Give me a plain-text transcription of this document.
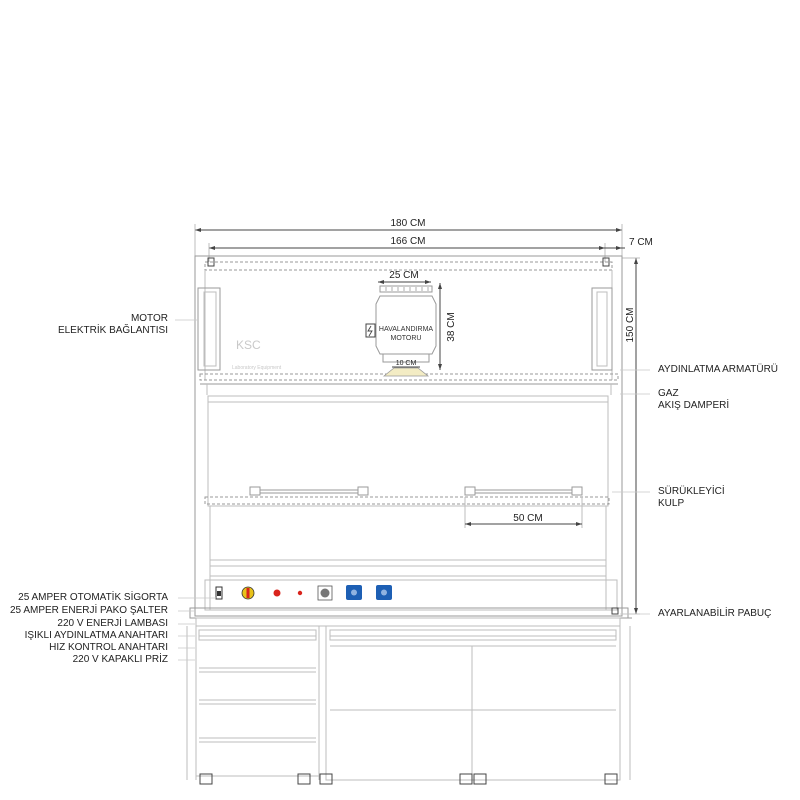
180 CM
166 CM	7 CM
150 CM
KSC
Laboratory Equipment
25 CM
38 CM
HAVALANDIRMA
MOTORU
10 CM
50 CM
MOTOR
ELEKTRİK BAĞLANTISI
25 AMPER OTOMATİK SİGORTA
25 AMPER ENERJİ PAKO ŞALTER
220 V ENERJİ LAMBASI
IŞIKLI AYDINLATMA ANAHTARI
HIZ KONTROL ANAHTARI
220 V KAPAKLI PRİZ
AYDINLATMA ARMATÜRÜ
GAZ
AKIŞ DAMPERİ
SÜRÜKLEYİCİ
KULP
AYARLANABİLİR PABUÇ
